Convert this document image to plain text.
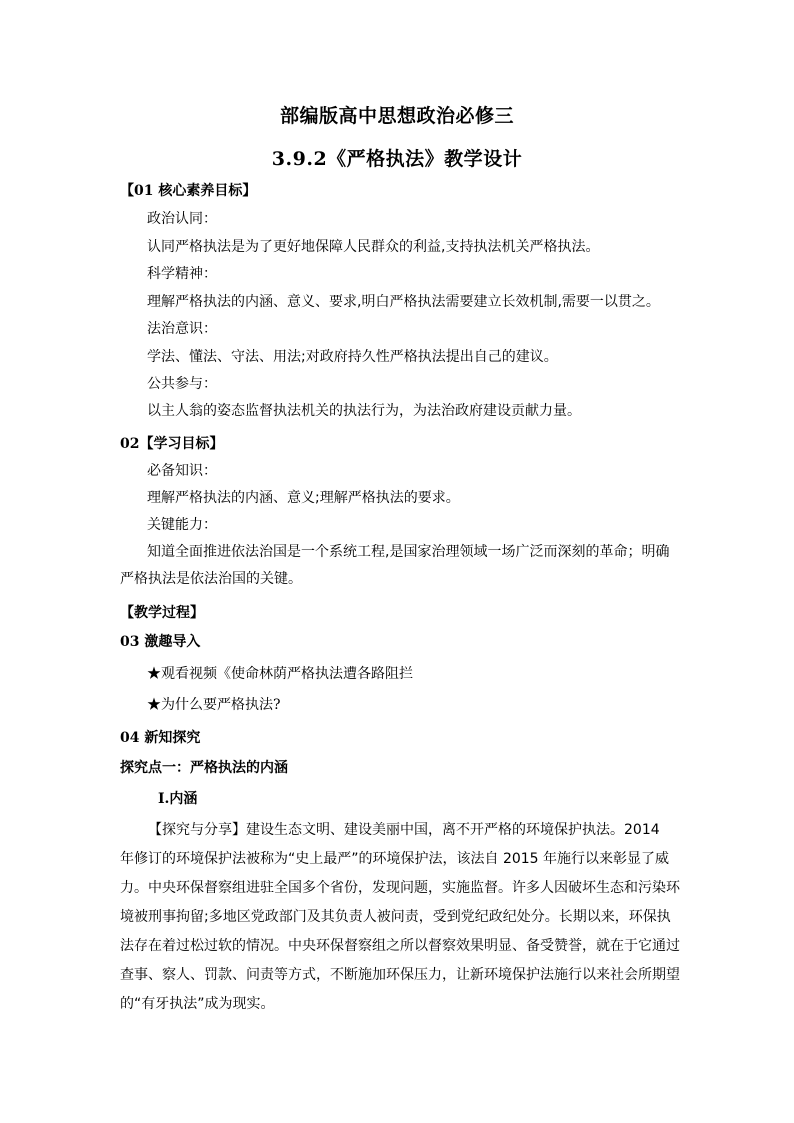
部编版高中思想政治必修三
3.9.2《严格执法》教学设计
【01 核心素养目标】
政治认同：
认同严格执法是为了更好地保障人民群众的利益,支持执法机关严格执法。
科学精神：
理解严格执法的内涵、意义、要求,明白严格执法需要建立长效机制,需要一以贯之。
法治意识：
学法、懂法、守法、用法;对政府持久性严格执法提出自己的建议。
公共参与：
以主人翁的姿态监督执法机关的执法行为，为法治政府建设贡献力量。
02【学习目标】
必备知识：
理解严格执法的内涵、意义;理解严格执法的要求。
关键能力：
知道全面推进依法治国是一个系统工程,是国家治理领域一场广泛而深刻的革命；明确
严格执法是依法治国的关键。
【教学过程】
03 激趣导入
★观看视频《使命林荫严格执法遭各路阻拦
★为什么要严格执法?
04 新知探究
探究点一：严格执法的内涵
Ⅰ.内涵
【探究与分享】建设生态文明、建设美丽中国，离不开严格的环境保护执法。2014
年修订的环境保护法被称为“史上最严”的环境保护法，该法自 2015 年施行以来彰显了威
力。中央环保督察组进驻全国多个省份，发现问题，实施监督。许多人因破坏生态和污染环
境被刑事拘留;多地区党政部门及其负责人被问责，受到党纪政纪处分。长期以来，环保执
法存在着过松过软的情况。中央环保督察组之所以督察效果明显、备受赞誉，就在于它通过
查事、察人、罚款、问责等方式，不断施加环保压力，让新环境保护法施行以来社会所期望
的“有牙执法”成为现实。
